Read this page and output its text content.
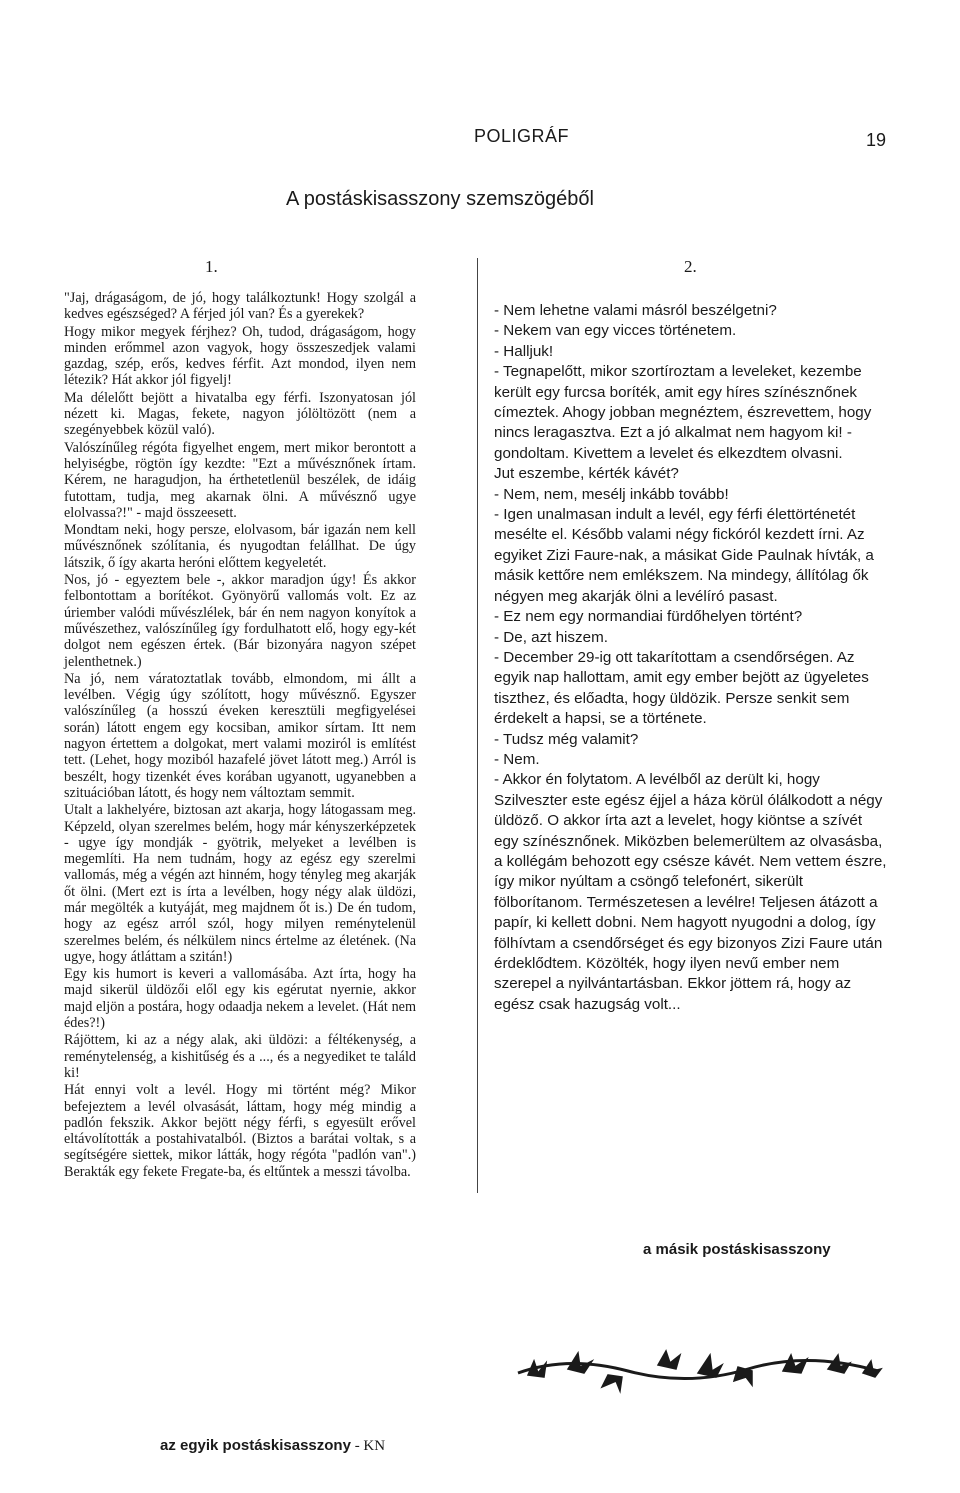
POLIGRÁF	19
A postáskisasszony szemszögéből
1.	2.

"Jaj, drágaságom, de jó, hogy találkoztunk! Hogy szolgál a kedves egészséged? A férjed jól van? És a gyerekek?

Hogy mikor megyek férjhez? Oh, tudod, drágaságom, hogy minden erőmmel azon vagyok, hogy összeszedjek valami gazdag, szép, erős, kedves férfit. Azt mondod, ilyen nem létezik? Hát akkor jól figyelj!

Ma délelőtt bejött a hivatalba egy férfi. Iszonyatosan jól nézett ki. Magas, fekete, nagyon jólöltözött (nem a szegényebbek közül való).

Valószínűleg régóta figyelhet engem, mert mikor berontott a helyiségbe, rögtön így kezdte: "Ezt a művésznőnek írtam. Kérem, ne haragudjon, ha érthetetlenül beszélek, de idáig futottam, tudja, meg akarnak ölni. A művésznő ugye elolvassa?!" - majd összeesett.

Mondtam neki, hogy persze, elolvasom, bár igazán nem kell művésznőnek szólítania, és nyugodtan felállhat. De úgy látszik, ő így akarta heróni előttem kegyeletét.

Nos, jó - egyeztem bele -, akkor maradjon úgy! És akkor felbontottam a borítékot. Gyönyörű vallomás volt. Ez az úriember valódi művészlélek, bár én nem nagyon konyítok a művészethez, valószínűleg így fordulhatott elő, hogy egy-két dolgot nem egészen értek. (Bár bizonyára nagyon szépet jelenthetnek.)

Na jó, nem váratoztatlak tovább, elmondom, mi állt a levélben. Végig úgy szólított, hogy művésznő. Egyszer valószínűleg (a hosszú éveken keresztüli megfigyelései során) látott engem egy kocsiban, amikor sírtam. Itt nem nagyon értettem a dolgokat, mert valami moziról is említést tett. (Lehet, hogy moziból hazafelé jövet látott meg.) Arról is beszélt, hogy tizenkét éves korában ugyanott, ugyanebben a szituációban látott, és hogy nem változtam semmit.

Utalt a lakhelyére, biztosan azt akarja, hogy látogassam meg. Képzeld, olyan szerelmes belém, hogy már kényszerképzetek - ugye így mondják - gyötrik, melyeket a levélben is megemlíti. Ha nem tudnám, hogy az egész egy szerelmi vallomás, még a végén azt hinném, hogy tényleg meg akarják őt ölni. (Mert ezt is írta a levélben, hogy négy alak üldözi, már megölték a kutyáját, meg majdnem őt is.) De én tudom, hogy az egész arról szól, hogy milyen reménytelenül szerelmes belém, és nélkülem nincs értelme az életének. (Na ugye, hogy átláttam a szitán!)

Egy kis humort is keveri a vallomásába. Azt írta, hogy ha majd sikerül üldözői elől egy kis egérutat nyernie, akkor majd eljön a postára, hogy odaadja nekem a levelet. (Hát nem édes?!)

Rájöttem, ki az a négy alak, aki üldözi: a féltékenység, a reménytelenség, a kishitűség és a ..., és a negyediket te találd ki!

Hát ennyi volt a levél. Hogy mi történt még? Mikor befejeztem a levél olvasását, láttam, hogy még mindig a padlón fekszik. Akkor bejött négy férfi, s egyesült erővel eltávolították a postahivatalból. (Biztos a barátai voltak, s a segítségére siettek, mikor látták, hogy régóta "padlón van".) Berakták egy fekete Fregate-ba, és eltűntek a messzi távolba.

- Nem lehetne valami másról beszélgetni?

- Nekem van egy vicces történetem.

- Halljuk!

- Tegnapelőtt, mikor szortíroztam a leveleket, kezembe került egy furcsa boríték, amit egy híres színésznőnek címeztek. Ahogy jobban megnéztem, észrevettem, hogy nincs leragasztva. Ezt a jó alkalmat nem hagyom ki! - gondoltam. Kivettem a levelet és elkezdtem olvasni.

Jut eszembe, kérték kávét?

- Nem, nem, mesélj inkább tovább!

- Igen unalmasan indult a levél, egy férfi élettörténetét mesélte el. Később valami négy fickóról kezdett írni. Az egyiket Zizi Faure-nak, a másikat Gide Paulnak hívták, a másik kettőre nem emlékszem. Na mindegy, állítólag ők négyen meg akarják ölni a levélíró pasast.

- Ez nem egy normandiai fürdőhelyen történt?

- De, azt hiszem.

- December 29-ig ott takarítottam a csendőrségen. Az egyik nap hallottam, amit egy ember bejött az ügyeletes tiszthez, és előadta, hogy üldözik. Persze senkit sem érdekelt a hapsi, se a története.

- Tudsz még valamit?

- Nem.

- Akkor én folytatom. A levélből az derült ki, hogy Szilveszter este egész éjjel a háza körül ólálkodott a négy üldöző. O akkor írta azt a levelet, hogy kiöntse a szívét egy színésznőnek. Miközben belemerültem az olvasásba, a kollégám behozott egy csésze kávét. Nem vettem észre, így mikor nyúltam a csöngő telefonért, sikerült fölborítanom. Természetesen a levélre! Teljesen átázott a papír, ki kellett dobni. Nem hagyott nyugodni a dolog, így fölhívtam a csendőrséget és egy bizonyos Zizi Faure után érdeklődtem. Közölték, hogy ilyen nevű ember nem szerepel a nyilvántartásban. Ekkor jöttem rá, hogy az egész csak hazugság volt...

a másik postáskisasszony
az egyik postáskisasszony - KN
